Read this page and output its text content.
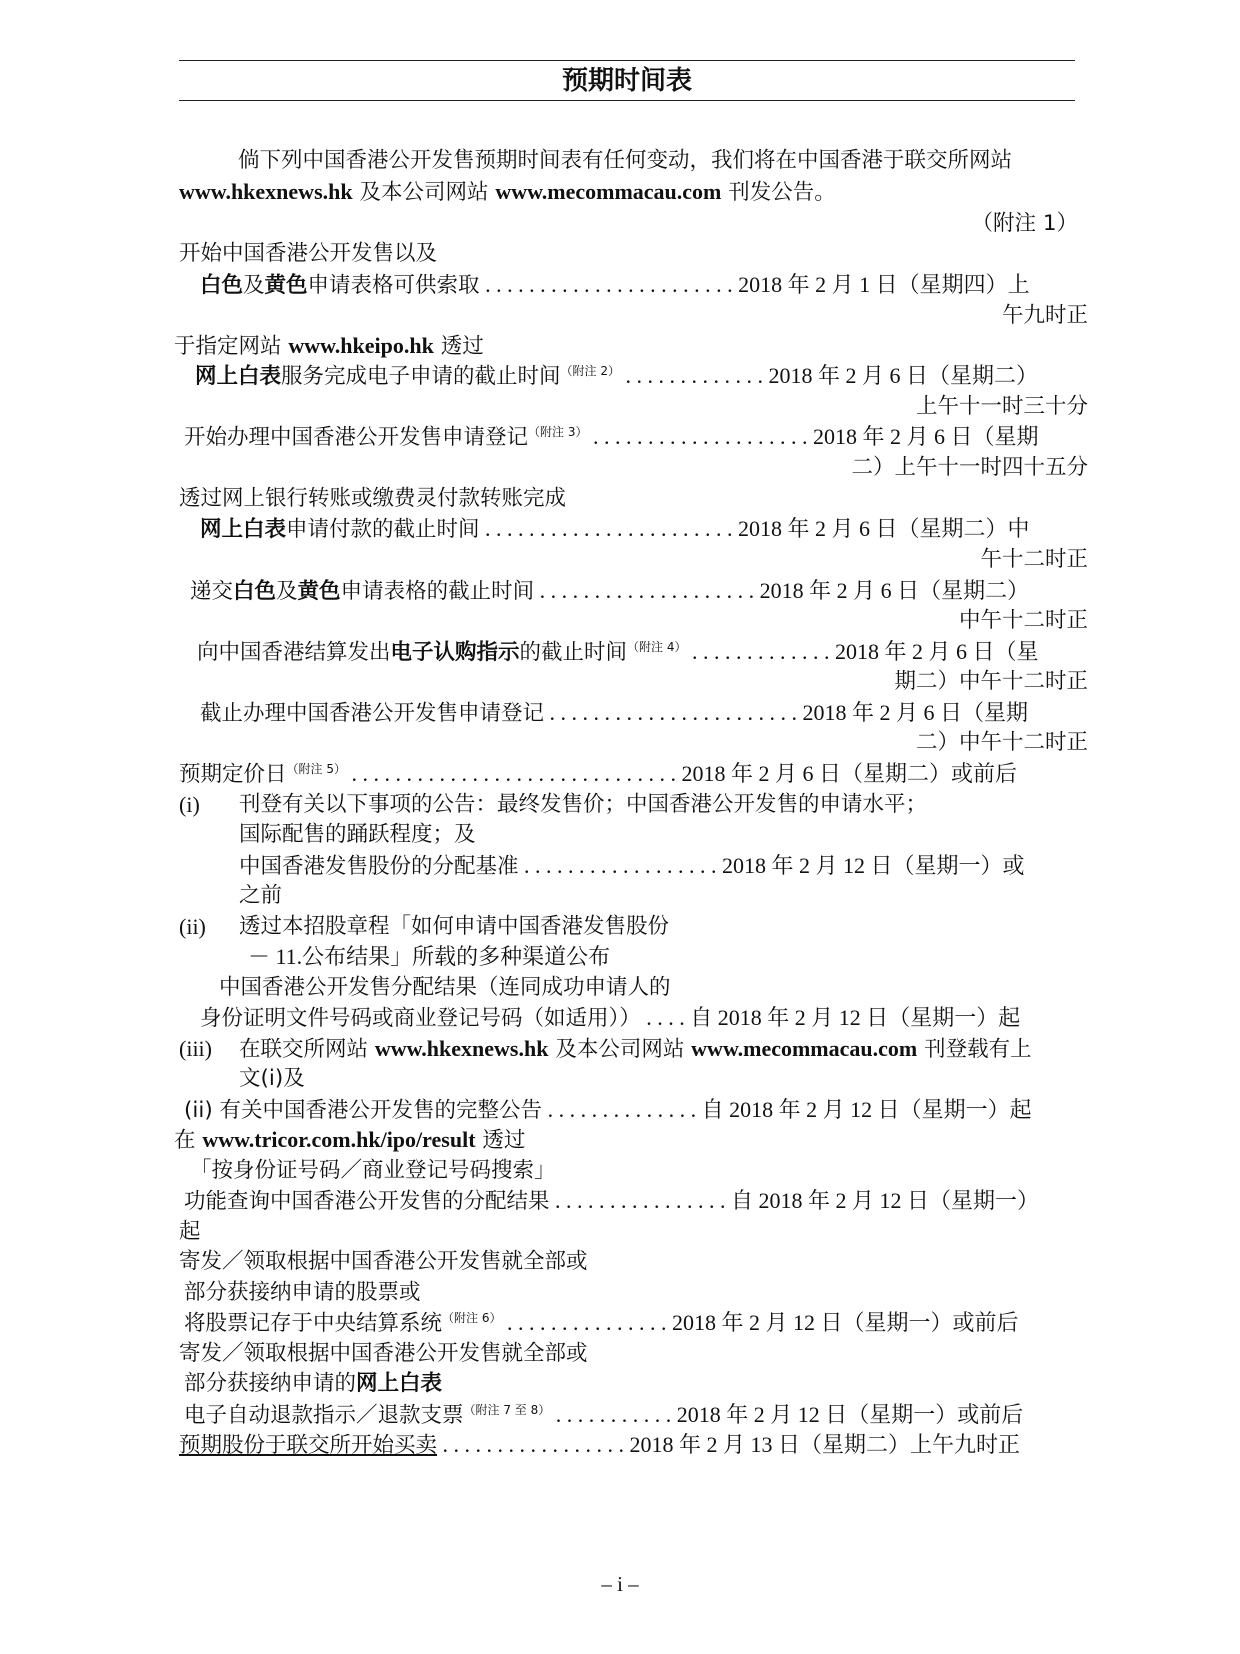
预期时间表
倘下列中国香港公开发售预期时间表有任何变动，我们将在中国香港于联交所网站
www.hkexnews.hk 及本公司网站 www.mecommacau.com 刊发公告。
（附注 1）
开始中国香港公开发售以及
白色及黄色申请表格可供索取 . . . . . . . . . . . . . . . . . . . . . . . 2018 年 2 月 1 日（星期四）上
午九时正
于指定网站 www.hkeipo.hk 透过
网上白表服务完成电子申请的截止时间$^{(附注 2)}$ . . . . . . . . . . . . . 2018 年 2 月 6 日（星期二）
上午十一时三十分
开始办理中国香港公开发售申请登记$^{(附注 3)}$ . . . . . . . . . . . . . . . . . . . . 2018 年 2 月 6 日（星期
二）上午十一时四十五分
透过网上银行转账或缴费灵付款转账完成
网上白表申请付款的截止时间 . . . . . . . . . . . . . . . . . . . . . . . 2018 年 2 月 6 日（星期二）中
午十二时正
递交白色及黄色申请表格的截止时间 . . . . . . . . . . . . . . . . . . . . 2018 年 2 月 6 日（星期二）
中午十二时正
向中国香港结算发出电子认购指示的截止时间$^{(附注 4)}$ . . . . . . . . . . . . . 2018 年 2 月 6 日（星
期二）中午十二时正
截止办理中国香港公开发售申请登记 . . . . . . . . . . . . . . . . . . . . . . . 2018 年 2 月 6 日（星期
二）中午十二时正
预期定价日$^{(附注 5)}$ . . . . . . . . . . . . . . . . . . . . . . . . . . . . . . 2018 年 2 月 6 日（星期二）或前后
(i) 刊登有关以下事项的公告：最终发售价；中国香港公开发售的申请水平；
国际配售的踊跃程度；及
中国香港发售股份的分配基准 . . . . . . . . . . . . . . . . . . 2018 年 2 月 12 日（星期一）或
之前
(ii) 透过本招股章程「如何申请中国香港发售股份
－ 11.公布结果」所载的多种渠道公布
中国香港公开发售分配结果（连同成功申请人的
身份证明文件号码或商业登记号码（如适用）） . . . . 自 2018 年 2 月 12 日（星期一）起
(iii) 在联交所网站 www.hkexnews.hk 及本公司网站 www.mecommacau.com 刊登载有上
文(i)及
(ii) 有关中国香港公开发售的完整公告 . . . . . . . . . . . . . . 自 2018 年 2 月 12 日（星期一）起
在 www.tricor.com.hk/ipo/result 透过
「按身份证号码／商业登记号码搜索」
功能查询中国香港公开发售的分配结果 . . . . . . . . . . . . . . . . 自 2018 年 2 月 12 日（星期一）
起
寄发／领取根据中国香港公开发售就全部或
部分获接纳申请的股票或
将股票记存于中央结算系统$^{(附注 6)}$ . . . . . . . . . . . . . . . 2018 年 2 月 12 日（星期一）或前后
寄发／领取根据中国香港公开发售就全部或
部分获接纳申请的网上白表
电子自动退款指示／退款支票$^{(附注 7 至 8)}$ . . . . . . . . . . . 2018 年 2 月 12 日（星期一）或前后
预期股份于联交所开始买卖 . . . . . . . . . . . . . . . . . 2018 年 2 月 13 日（星期二）上午九时正
– i –
